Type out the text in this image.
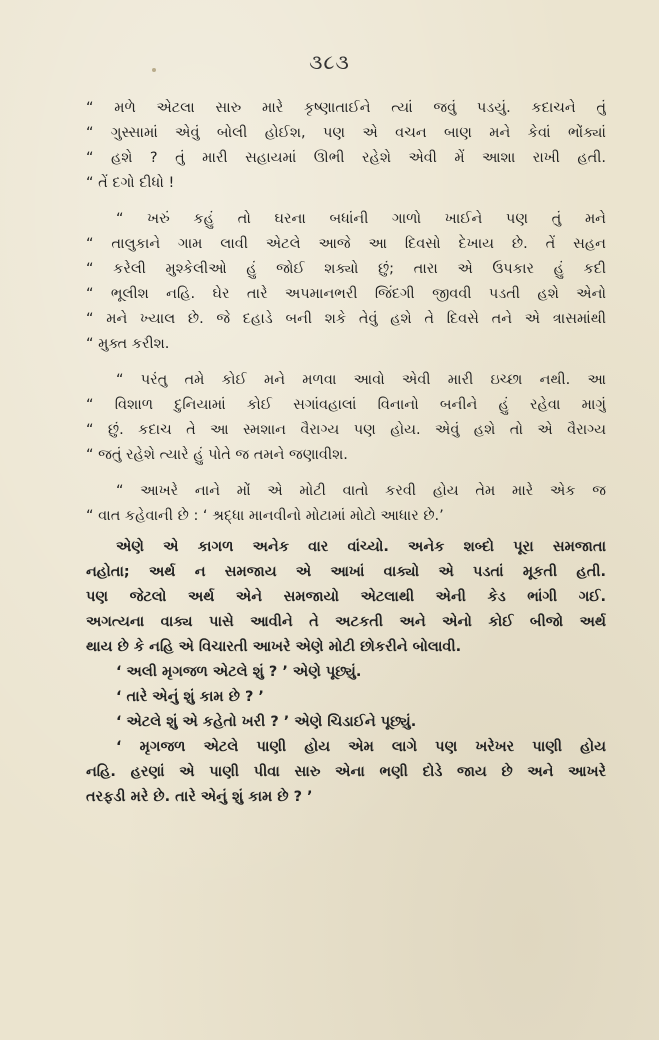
૩૮૩
“ મળે એટલા સારુ મારે કૃષ્ણાતાઈને ત્યાં જવું પડયું. કદાચને તું
“ ગુસ્સામાં એવું બોલી હોઈશ, પણ એ વચન બાણ મને કેવાં ભોંક્યાં
“ હશે ? તું મારી સહાયમાં ઊભી રહેશે એવી મેં આશા રાખી હતી.
“ તેં દગો દીધો !
“ ખરું કહું તો ઘરના બધાંની ગાળો ખાઈને પણ તું મને
“ તાલુકાને ગામ લાવી એટલે આજે આ દિવસો દેખાય છે. તેં સહન
“ કરેલી મુશ્કેલીઓ હું જોઈ શક્યો છું; તારા એ ઉપકાર હું કદી
“ ભૂલીશ નહિ. ઘેર તારે અપમાનભરી જિંદગી જીવવી પડતી હશે એનો
“ મને ખ્યાલ છે. જે દહાડે બની શકે તેવું હશે તે દિવસે તને એ ત્રાસમાંથી
“ મુક્ત કરીશ.
“ પરંતુ તમે કોઈ મને મળવા આવો એવી મારી ઇચ્છા નથી. આ
“ વિશાળ દુનિયામાં કોઈ સગાંવહાલાં વિનાનો બનીને હું રહેવા માગું
“ છું. કદાચ તે આ સ્મશાન વૈરાગ્ય પણ હોય. એવું હશે તો એ વૈરાગ્ય
“ જતું રહેશે ત્યારે હું પોતે જ તમને જણાવીશ.
“ આખરે નાને મોં એ મોટી વાતો કરવી હોય તેમ મારે એક જ
“ વાત કહેવાની છે : ‘ શ્રદ્ધા માનવીનો મોટામાં મોટો આધાર છે.’
એણે એ કાગળ અનેક વાર વાંચ્યો. અનેક શબ્દો પૂરા સમજાતા
નહોતા; અર્થ ન સમજાય એ આખાં વાક્યો એ પડતાં મૂકતી હતી.
પણ જેટલો અર્થ એને સમજાયો એટલાથી એની કેડ ભાંગી ગઈ.
અગત્યના વાક્ય પાસે આવીને તે અટકતી અને એનો કોઈ બીજો અર્થ
થાય છે કે નહિ એ વિચારતી આખરે એણે મોટી છોકરીને બોલાવી.
‘ અલી મૃગજળ એટલે શું ? ’ એણે પૂછ્યું.
‘ તારે એનું શું કામ છે ? ’
‘ એટલે શું એ કહેતો ખરી ? ’ એણે ચિડાઈને પૂછ્યું.
‘ મૃગજળ એટલે પાણી હોય એમ લાગે પણ ખરેખર પાણી હોય
નહિ. હરણાં એ પાણી પીવા સારુ એના ભણી દોડે જાય છે અને આખરે
તરફડી મરે છે. તારે એનું શું કામ છે ? ’
